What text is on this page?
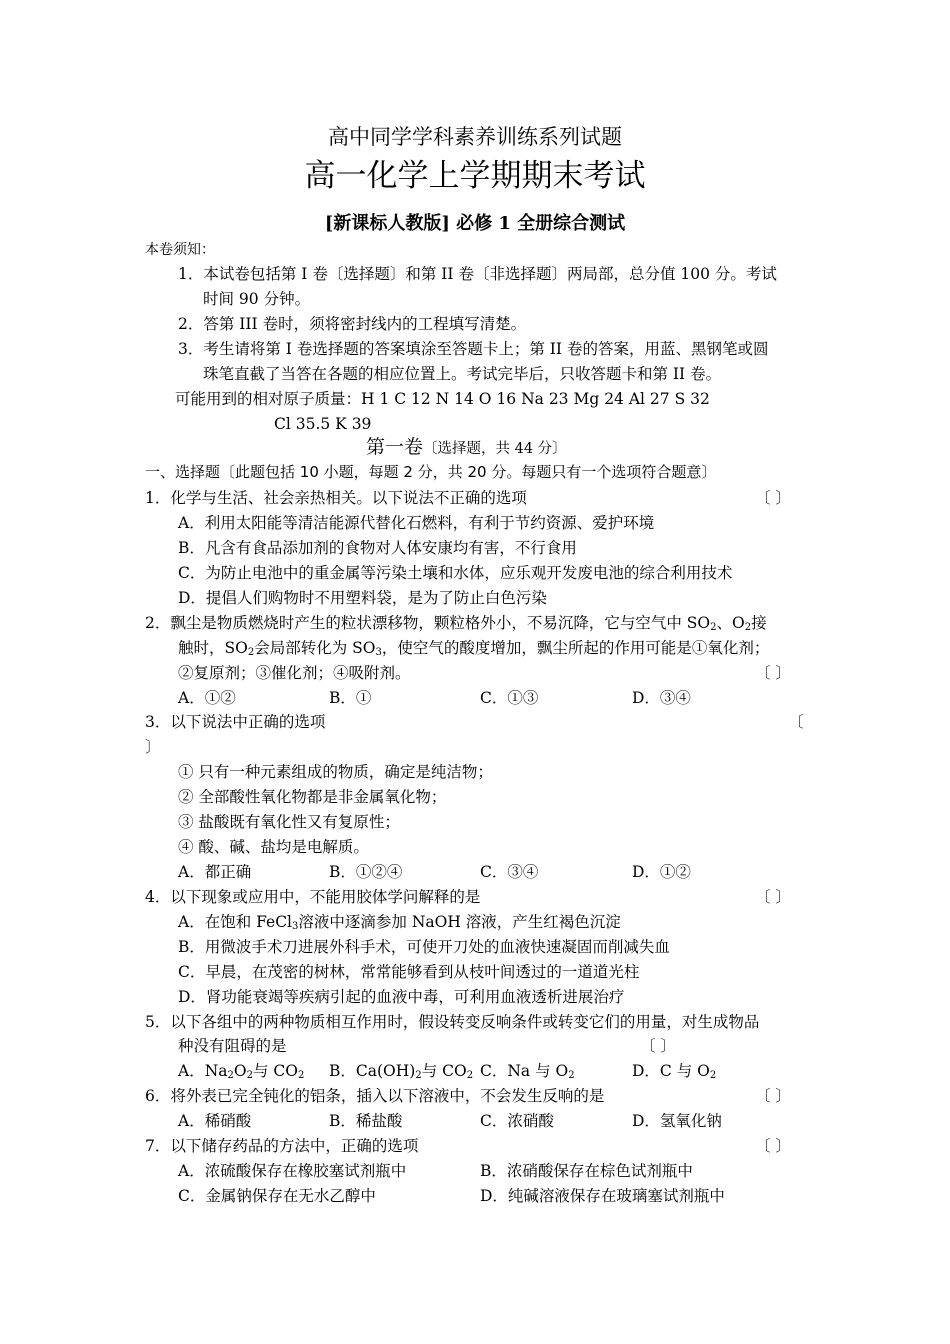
高中同学学科素养训练系列试题
高一化学上学期期末考试
[新课标人教版] 必修 1 全册综合测试
本卷须知：
1．本试卷包括第 I 卷〔选择题〕和第 II 卷〔非选择题〕两局部，总分值 100 分。考试
时间 90 分钟。
2．答第 III 卷时，须将密封线内的工程填写清楚。
3．考生请将第 I 卷选择题的答案填涂至答题卡上；第 II 卷的答案，用蓝、黑钢笔或圆
珠笔直截了当答在各题的相应位置上。考试完毕后，只收答题卡和第 II 卷。
可能用到的相对原子质量：H 1 C 12 N 14 O 16 Na 23 Mg 24 Al 27 S 32
Cl 35.5 K 39
第一卷〔选择题，共 44 分〕
一、选择题〔此题包括 10 小题，每题 2 分，共 20 分。每题只有一个选项符合题意〕
1．化学与生活、社会亲热相关。以下说法不正确的选项	〔 〕
A．利用太阳能等清洁能源代替化石燃料，有利于节约资源、爱护环境
B．凡含有食品添加剂的食物对人体安康均有害，不行食用
C．为防止电池中的重金属等污染土壤和水体，应乐观开发废电池的综合利用技术
D．提倡人们购物时不用塑料袋，是为了防止白色污染
2．飘尘是物质燃烧时产生的粒状漂移物，颗粒格外小，不易沉降，它与空气中 $SO_2$、$O_2$接
触时，$SO_2$会局部转化为 $SO_3$，使空气的酸度增加，飘尘所起的作用可能是①氧化剂；
②复原剂；③催化剂；④吸附剂。	〔 〕
A．①②	B．①	C．①③	D．③④
3．以下说法中正确的选项	〔
〕
① 只有一种元素组成的物质，确定是纯洁物；
② 全部酸性氧化物都是非金属氧化物；
③ 盐酸既有氧化性又有复原性；
④ 酸、碱、盐均是电解质。
A．都正确	B．①②④	C．③④	D．①②
4．以下现象或应用中，不能用胶体学问解释的是	〔 〕
A．在饱和 FeCl$_3$溶液中逐滴参加 NaOH 溶液，产生红褐色沉淀
B．用微波手术刀进展外科手术，可使开刀处的血液快速凝固而削减失血
C．早晨，在茂密的树林，常常能够看到从枝叶间透过的一道道光柱
D．肾功能衰竭等疾病引起的血液中毒，可利用血液透析进展治疗
5．以下各组中的两种物质相互作用时，假设转变反响条件或转变它们的用量，对生成物品
种没有阻碍的是	〔 〕
A．$Na_2O_2$与 $CO_2$ B．$Ca(OH)_2$与 $CO_2$ C．Na 与 $O_2$	D．C 与 $O_2$
6．将外表已完全钝化的铝条，插入以下溶液中，不会发生反响的是	〔 〕
A．稀硝酸	B．稀盐酸	C．浓硝酸	D．氢氧化钠
7．以下储存药品的方法中，正确的选项	〔 〕
A．浓硫酸保存在橡胶塞试剂瓶中	B．浓硝酸保存在棕色试剂瓶中
C．金属钠保存在无水乙醇中	D．纯碱溶液保存在玻璃塞试剂瓶中
